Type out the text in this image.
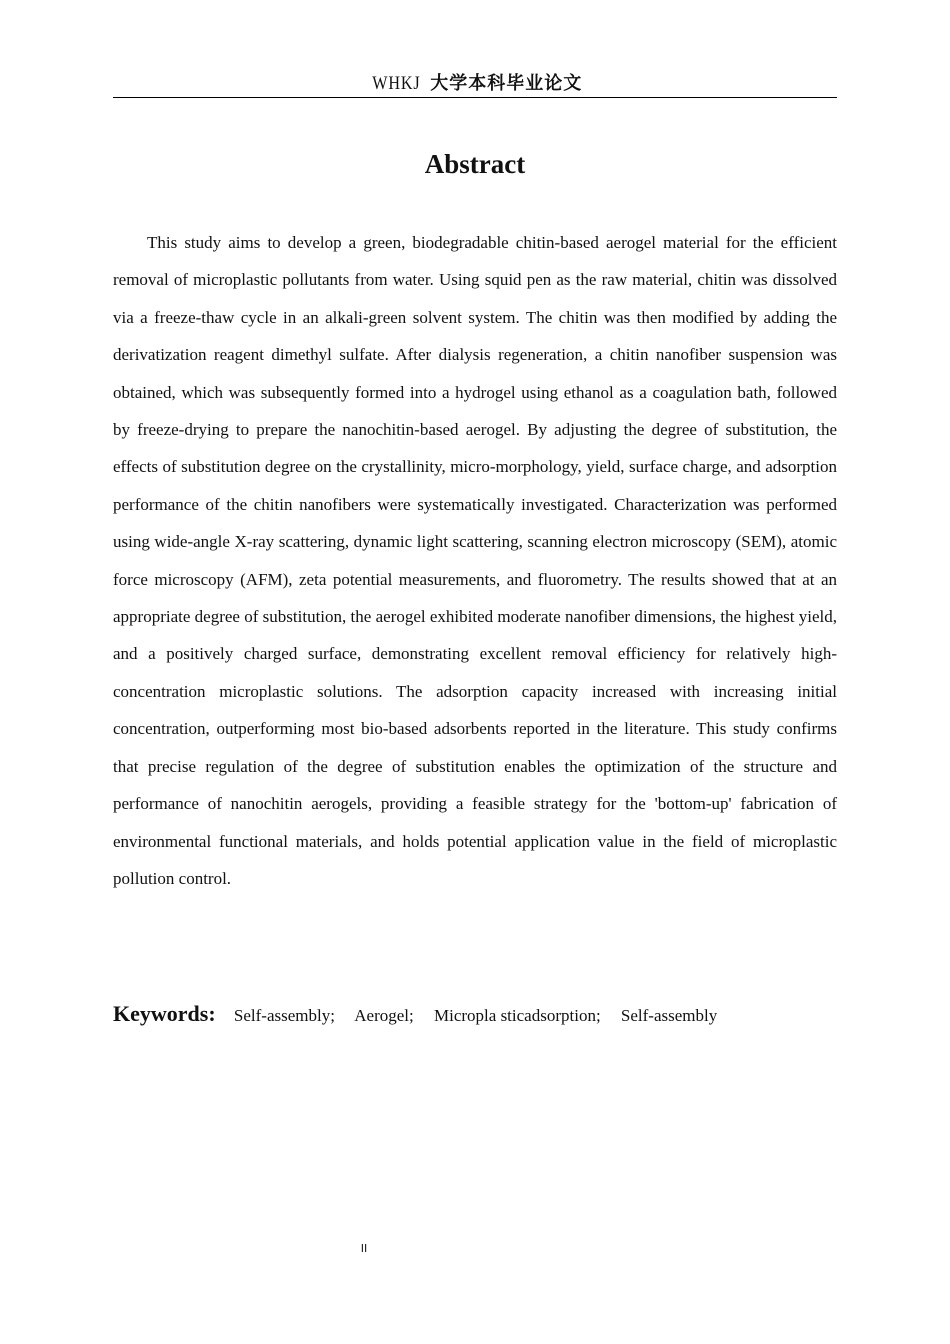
WHKJ 大学本科毕业论文
Abstract

This study aims to develop a green, biodegradable chitin-based aerogel material for the efficient removal of microplastic pollutants from water. Using squid pen as the raw material, chitin was dissolved via a freeze-thaw cycle in an alkali-green solvent system. The chitin was then modified by adding the derivatization reagent dimethyl sulfate. After dialysis regeneration, a chitin nanofiber suspension was obtained, which was subsequently formed into a hydrogel using ethanol as a coagulation bath, followed by freeze-drying to prepare the nanochitin-based aerogel. By adjusting the degree of substitution, the effects of substitution degree on the crystallinity, micro-morphology, yield, surface charge, and adsorption performance of the chitin nanofibers were systematically investigated. Characterization was performed using wide-angle X-ray scattering, dynamic light scattering, scanning electron microscopy (SEM), atomic force microscopy (AFM), zeta potential measurements, and fluorometry. The results showed that at an appropriate degree of substitution, the aerogel exhibited moderate nanofiber dimensions, the highest yield, and a positively charged surface, demonstrating excellent removal efficiency for relatively high-concentration microplastic solutions. The adsorption capacity increased with increasing initial concentration, outperforming most bio-based adsorbents reported in the literature. This study confirms that precise regulation of the degree of substitution enables the optimization of the structure and performance of nanochitin aerogels, providing a feasible strategy for the 'bottom-up' fabrication of environmental functional materials, and holds potential application value in the field of microplastic pollution control.

Keywords: Self-assembly; Aerogel; Micropla sticadsorption; Self-assembly
II
